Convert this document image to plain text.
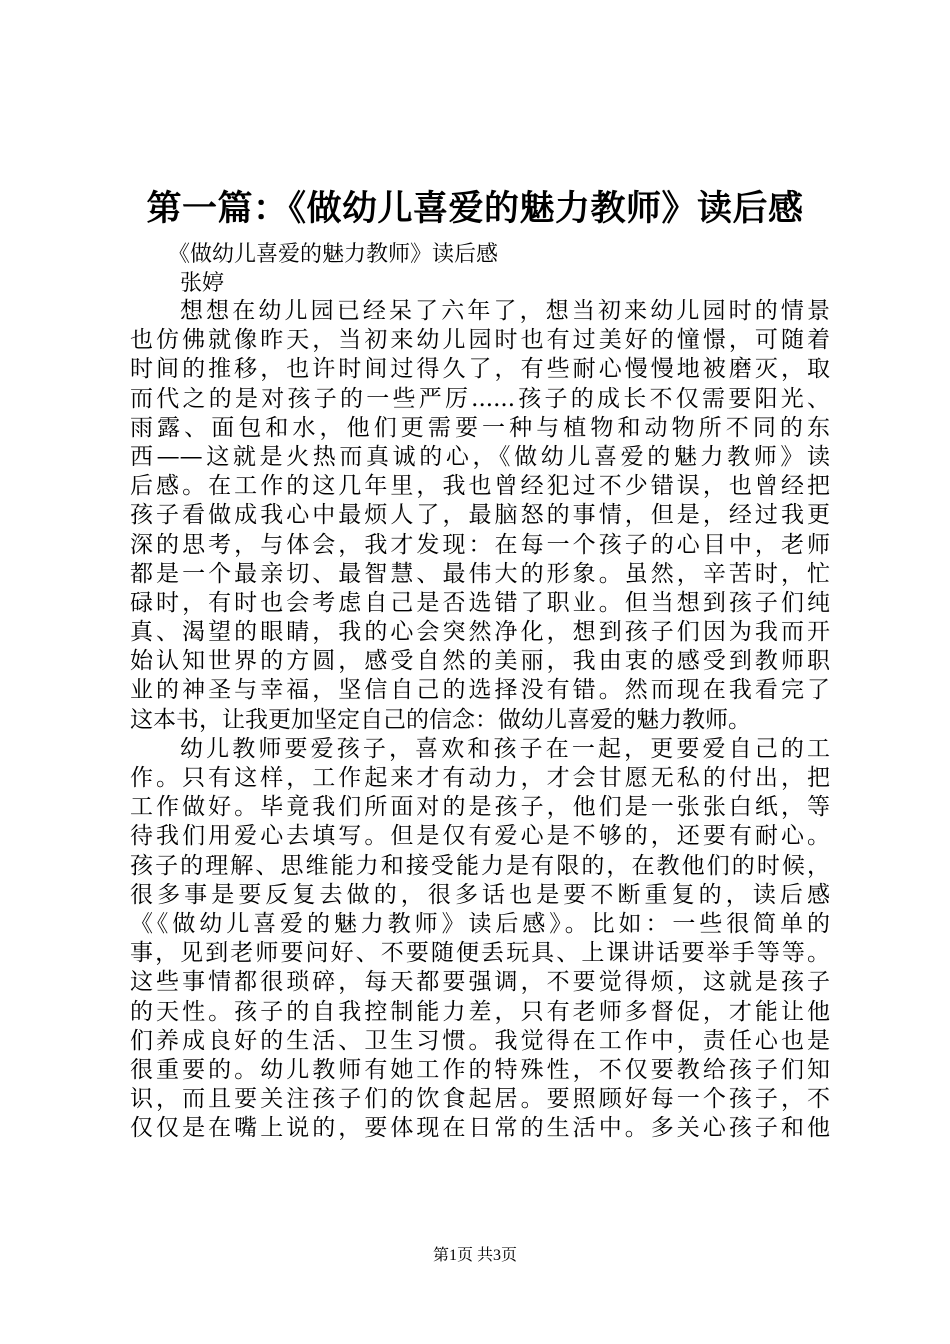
第一篇：《做幼儿喜爱的魅力教师》读后感

《做幼儿喜爱的魅力教师》读后感

张婷

想想在幼儿园已经呆了六年了，想当初来幼儿园时的情景
也仿佛就像昨天，当初来幼儿园时也有过美好的憧憬，可随着
时间的推移，也许时间过得久了，有些耐心慢慢地被磨灭，取
而代之的是对孩子的一些严厉......孩子的成长不仅需要阳光、
雨露、面包和水，他们更需要一种与植物和动物所不同的东
西——这就是火热而真诚的心，《做幼儿喜爱的魅力教师》读
后感。在工作的这几年里，我也曾经犯过不少错误，也曾经把
孩子看做成我心中最烦人了，最脑怒的事情，但是，经过我更
深的思考，与体会，我才发现：在每一个孩子的心目中，老师
都是一个最亲切、最智慧、最伟大的形象。虽然，辛苦时，忙
碌时，有时也会考虑自己是否选错了职业。但当想到孩子们纯
真、渴望的眼睛，我的心会突然净化，想到孩子们因为我而开
始认知世界的方圆，感受自然的美丽，我由衷的感受到教师职
业的神圣与幸福，坚信自己的选择没有错。然而现在我看完了
这本书，让我更加坚定自己的信念：做幼儿喜爱的魅力教师。
幼儿教师要爱孩子，喜欢和孩子在一起，更要爱自己的工
作。只有这样，工作起来才有动力，才会甘愿无私的付出，把
工作做好。毕竟我们所面对的是孩子，他们是一张张白纸，等
待我们用爱心去填写。但是仅有爱心是不够的，还要有耐心。
孩子的理解、思维能力和接受能力是有限的，在教他们的时候，
很多事是要反复去做的，很多话也是要不断重复的，读后感
《《做幼儿喜爱的魅力教师》读后感》。比如：一些很简单的
事，见到老师要问好、不要随便丢玩具、上课讲话要举手等等。
这些事情都很琐碎，每天都要强调，不要觉得烦，这就是孩子
的天性。孩子的自我控制能力差，只有老师多督促，才能让他
们养成良好的生活、卫生习惯。我觉得在工作中，责任心也是
很重要的。幼儿教师有她工作的特殊性，不仅要教给孩子们知
识，而且要关注孩子们的饮食起居。要照顾好每一个孩子，不
仅仅是在嘴上说的，要体现在日常的生活中。多关心孩子和他
第1页 共3页
